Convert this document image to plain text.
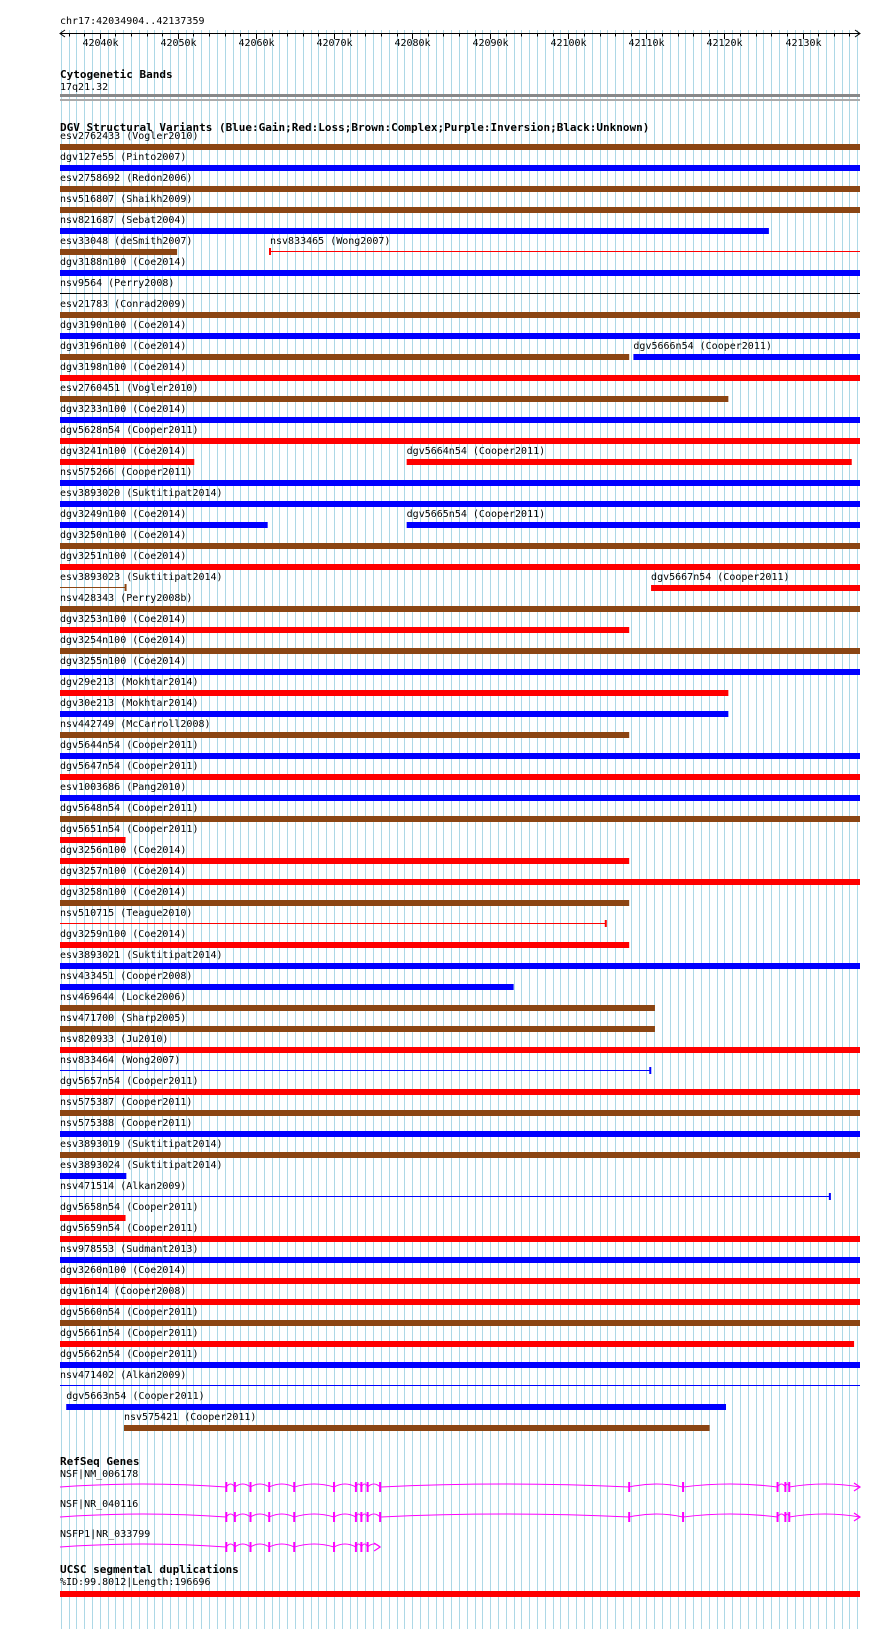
chr17:42034904..42137359
42040k	42050k	42060k	42070k	42080k	42090k	42100k	42110k	42120k	42130k
Cytogenetic Bands
17q21.32
DGV Structural Variants (Blue:Gain;Red:Loss;Brown:Complex;Purple:Inversion;Black:Unknown)
esv2762433 (Vogler2010)
dgv127e55 (Pinto2007)
esv2758692 (Redon2006)
nsv516807 (Shaikh2009)
nsv821687 (Sebat2004)
esv33048 (deSmith2007)	nsv833465 (Wong2007)
dgv3188n100 (Coe2014)
nsv9564 (Perry2008)
esv21783 (Conrad2009)
dgv3190n100 (Coe2014)
dgv3196n100 (Coe2014)	dgv5666n54 (Cooper2011)
dgv3198n100 (Coe2014)
esv2760451 (Vogler2010)
dgv3233n100 (Coe2014)
dgv5628n54 (Cooper2011)
dgv3241n100 (Coe2014)	dgv5664n54 (Cooper2011)
nsv575266 (Cooper2011)
esv3893020 (Suktitipat2014)
dgv3249n100 (Coe2014)	dgv5665n54 (Cooper2011)
dgv3250n100 (Coe2014)
dgv3251n100 (Coe2014)
esv3893023 (Suktitipat2014)	dgv5667n54 (Cooper2011)
nsv428343 (Perry2008b)
dgv3253n100 (Coe2014)
dgv3254n100 (Coe2014)
dgv3255n100 (Coe2014)
dgv29e213 (Mokhtar2014)
dgv30e213 (Mokhtar2014)
nsv442749 (McCarroll2008)
dgv5644n54 (Cooper2011)
dgv5647n54 (Cooper2011)
esv1003686 (Pang2010)
dgv5648n54 (Cooper2011)
dgv5651n54 (Cooper2011)
dgv3256n100 (Coe2014)
dgv3257n100 (Coe2014)
dgv3258n100 (Coe2014)
nsv510715 (Teague2010)
dgv3259n100 (Coe2014)
esv3893021 (Suktitipat2014)
nsv433451 (Cooper2008)
nsv469644 (Locke2006)
nsv471700 (Sharp2005)
nsv820933 (Ju2010)
nsv833464 (Wong2007)
dgv5657n54 (Cooper2011)
nsv575387 (Cooper2011)
nsv575388 (Cooper2011)
esv3893019 (Suktitipat2014)
esv3893024 (Suktitipat2014)
nsv471514 (Alkan2009)
dgv5658n54 (Cooper2011)
dgv5659n54 (Cooper2011)
nsv978553 (Sudmant2013)
dgv3260n100 (Coe2014)
dgv16n14 (Cooper2008)
dgv5660n54 (Cooper2011)
dgv5661n54 (Cooper2011)
dgv5662n54 (Cooper2011)
nsv471402 (Alkan2009)
dgv5663n54 (Cooper2011)
nsv575421 (Cooper2011)
RefSeq Genes
NSF|NM_006178
NSF|NR_040116
NSFP1|NR_033799
UCSC segmental duplications
%ID:99.8012|Length:196696
